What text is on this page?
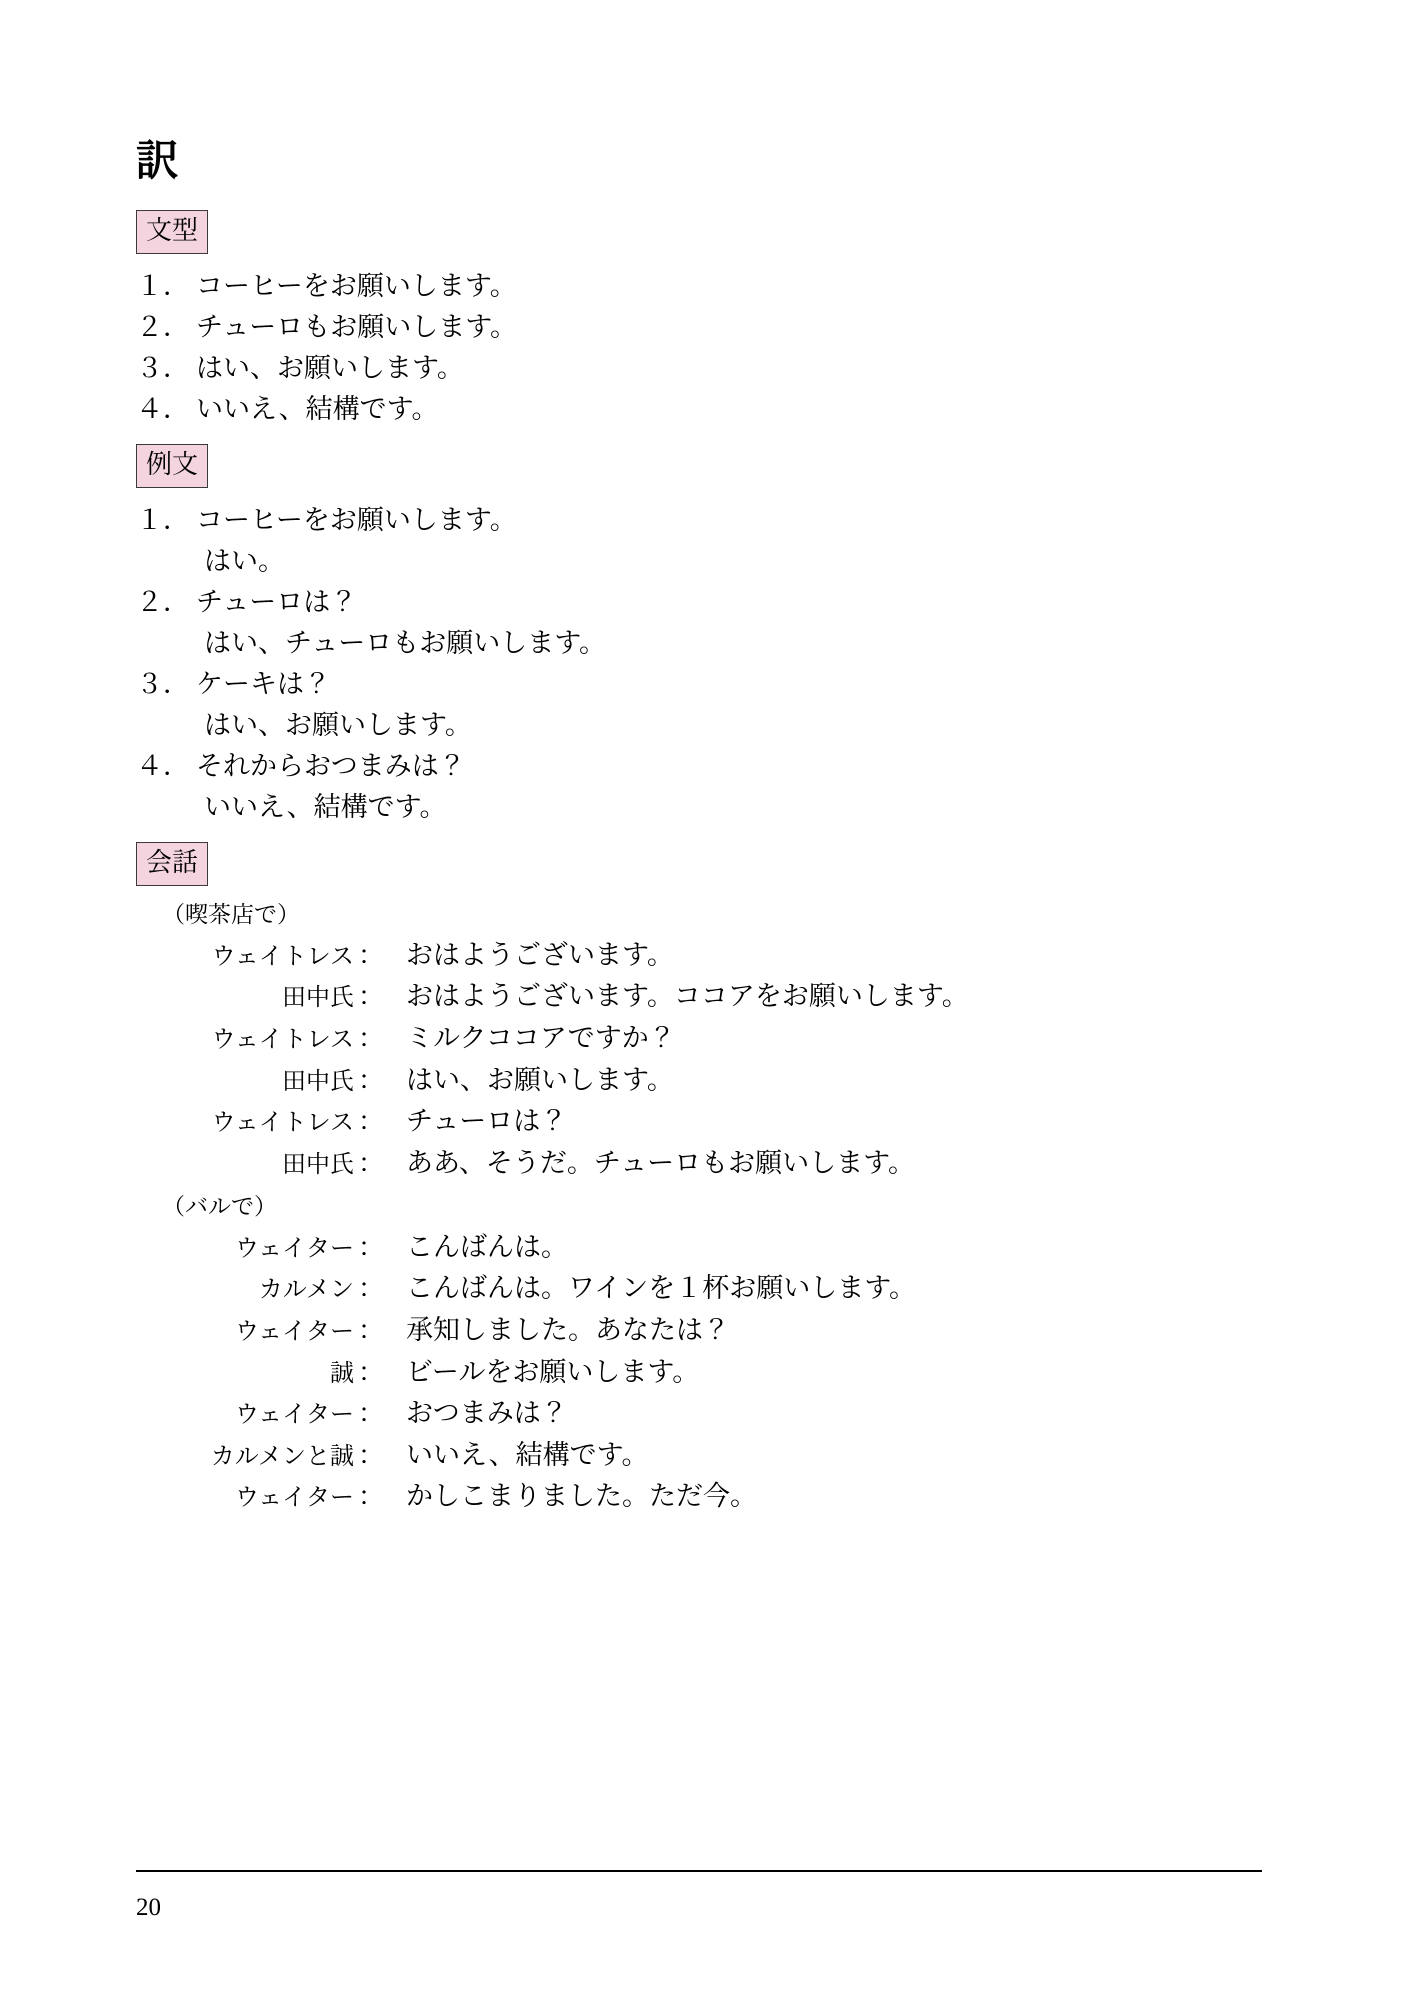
訳
文型
１． コーヒーをお願いします。
２． チューロもお願いします。
３． はい、お願いします。
４． いいえ、結構です。
例文
１． コーヒーをお願いします。
はい。
２． チューロは？
はい、チューロもお願いします。
３． ケーキは？
はい、お願いします。
４． それからおつまみは？
いいえ、結構です。
会話
（喫茶店で）
ウェイトレス ： おはようございます。
田中氏 ： おはようございます。ココアをお願いします。
ウェイトレス ： ミルクココアですか？
田中氏 ： はい、お願いします。
ウェイトレス ： チューロは？
田中氏 ： ああ、そうだ。チューロもお願いします。
（バルで）
ウェイター ： こんばんは。
カルメン ： こんばんは。ワインを１杯お願いします。
ウェイター ： 承知しました。あなたは？
誠 ： ビールをお願いします。
ウェイター ： おつまみは？
カルメンと誠 ： いいえ、結構です。
ウェイター ： かしこまりました。ただ今。
20
